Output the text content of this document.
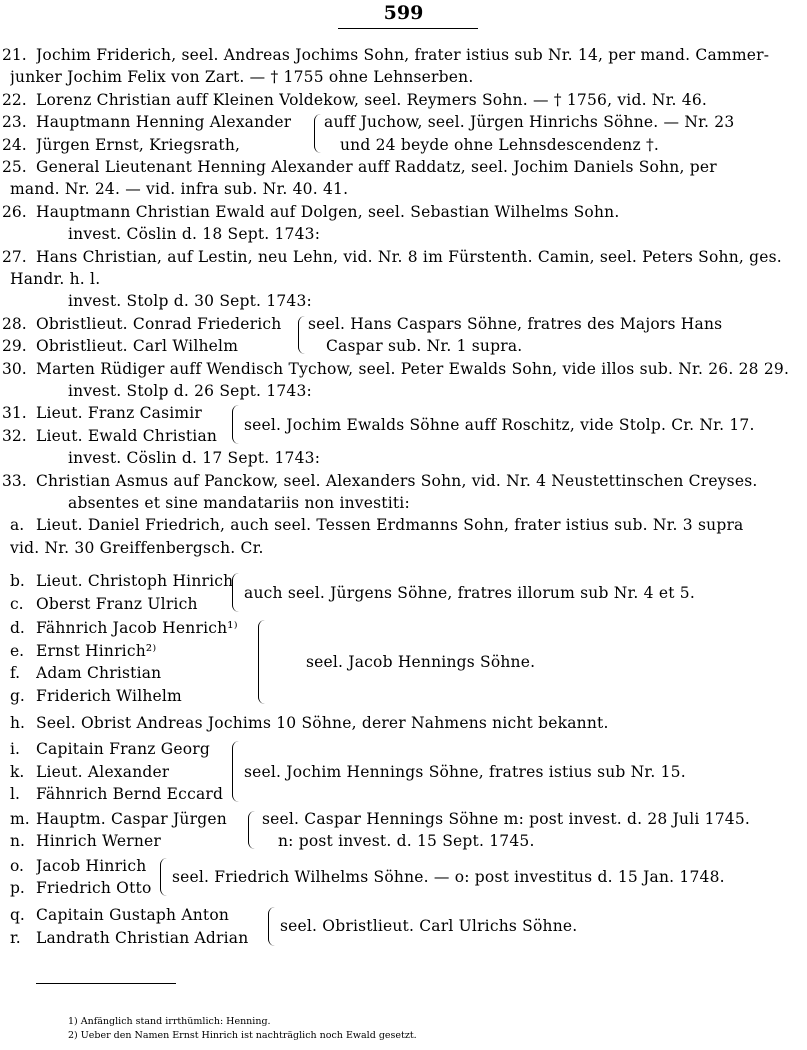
599
21. Jochim Friderich, seel. Andreas Jochims Sohn, frater istius sub Nr. 14, per mand. Cammer-
junker Jochim Felix von Zart. — † 1755 ohne Lehnserben.
22. Lorenz Christian auff Kleinen Voldekow, seel. Reymers Sohn. — † 1756, vid. Nr. 46.
23. Hauptmann Henning Alexander
24. Jürgen Ernst, Kriegsrath,
25. General Lieutenant Henning Alexander auff Raddatz, seel. Jochim Daniels Sohn, per
mand. Nr. 24. — vid. infra sub. Nr. 40. 41.
26. Hauptmann Christian Ewald auf Dolgen, seel. Sebastian Wilhelms Sohn.
invest. Cöslin d. 18 Sept. 1743:
27. Hans Christian, auf Lestin, neu Lehn, vid. Nr. 8 im Fürstenth. Camin, seel. Peters Sohn, ges.
Handr. h. l.
invest. Stolp d. 30 Sept. 1743:
28. Obristlieut. Conrad Friederich
29. Obristlieut. Carl Wilhelm
30. Marten Rüdiger auff Wendisch Tychow, seel. Peter Ewalds Sohn, vide illos sub. Nr. 26. 28 29.
invest. Stolp d. 26 Sept. 1743:
31. Lieut. Franz Casimir
32. Lieut. Ewald Christian
invest. Cöslin d. 17 Sept. 1743:
33. Christian Asmus auf Panckow, seel. Alexanders Sohn, vid. Nr. 4 Neustettinschen Creyses.
absentes et sine mandatariis non investiti:
a. Lieut. Daniel Friedrich, auch seel. Tessen Erdmanns Sohn, frater istius sub. Nr. 3 supra
vid. Nr. 30 Greiffenbergsch. Cr.
b. Lieut. Christoph Hinrich
c. Oberst Franz Ulrich
d. Fähnrich Jacob Henrich¹⁾
e. Ernst Hinrich²⁾
f. Adam Christian
g. Friderich Wilhelm
h. Seel. Obrist Andreas Jochims 10 Söhne, derer Nahmens nicht bekannt.
i. Capitain Franz Georg
k. Lieut. Alexander
l. Fähnrich Bernd Eccard
m. Hauptm. Caspar Jürgen
n. Hinrich Werner
o. Jacob Hinrich
p. Friedrich Otto
q. Capitain Gustaph Anton
r. Landrath Christian Adrian
auff Juchow, seel. Jürgen Hinrichs Söhne. — Nr. 23
und 24 beyde ohne Lehnsdescendenz †.
seel. Hans Caspars Söhne, fratres des Majors Hans
Caspar sub. Nr. 1 supra.
seel. Jochim Ewalds Söhne auff Roschitz, vide Stolp. Cr. Nr. 17.
auch seel. Jürgens Söhne, fratres illorum sub Nr. 4 et 5.
seel. Jacob Hennings Söhne.
seel. Jochim Hennings Söhne, fratres istius sub Nr. 15.
seel. Caspar Hennings Söhne m: post invest. d. 28 Juli 1745.
n: post invest. d. 15 Sept. 1745.
seel. Friedrich Wilhelms Söhne. — o: post investitus d. 15 Jan. 1748.
seel. Obristlieut. Carl Ulrichs Söhne.
1) Anfänglich stand irrthümlich: Henning.
2) Ueber den Namen Ernst Hinrich ist nachträglich noch Ewald gesetzt.
